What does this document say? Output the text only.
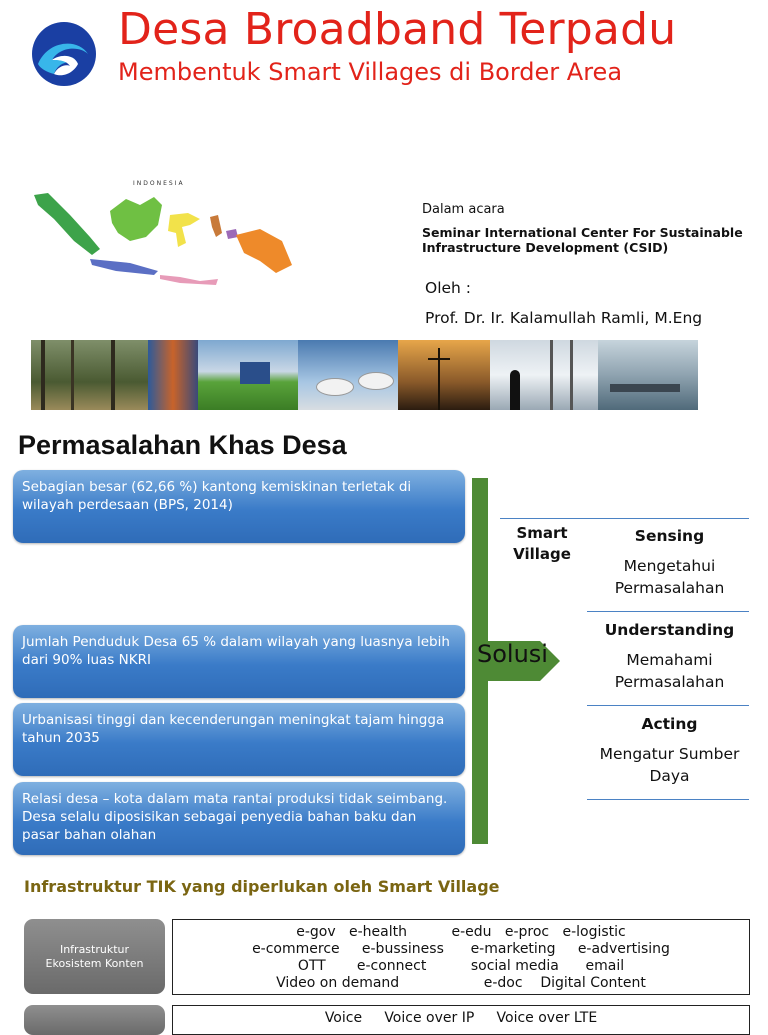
Desa Broadband Terpadu
Membentuk Smart Villages di Border Area
INDONESIA
Dalam acara
Seminar International Center For Sustainable Infrastructure Development (CSID)
Oleh :
Prof. Dr. Ir. Kalamullah Ramli, M.Eng
Permasalahan Khas Desa
Sebagian besar (62,66 %) kantong kemiskinan terletak di wilayah perdesaan (BPS, 2014)
Jumlah Penduduk Desa 65 % dalam wilayah yang luasnya lebih dari 90% luas NKRI
Urbanisasi tinggi dan kecenderungan meningkat tajam hingga tahun 2035
Relasi desa – kota dalam mata rantai produksi tidak seimbang. Desa selalu diposisikan sebagai penyedia bahan baku dan pasar bahan olahan
Solusi
Smart
Village
Sensing
Mengetahui
Permasalahan
Understanding
Memahami
Permasalahan
Acting
Mengatur Sumber
Daya
Infrastruktur TIK yang diperlukan oleh Smart Village
Infrastruktur
Ekosistem Konten
e-gov   e-health          e-edu   e-proc   e-logistic
e-commerce     e-bussiness      e-marketing     e-advertising
OTT       e-connect          social media      email
Video on demand                   e-doc    Digital Content
Voice     Voice over IP     Voice over LTE
